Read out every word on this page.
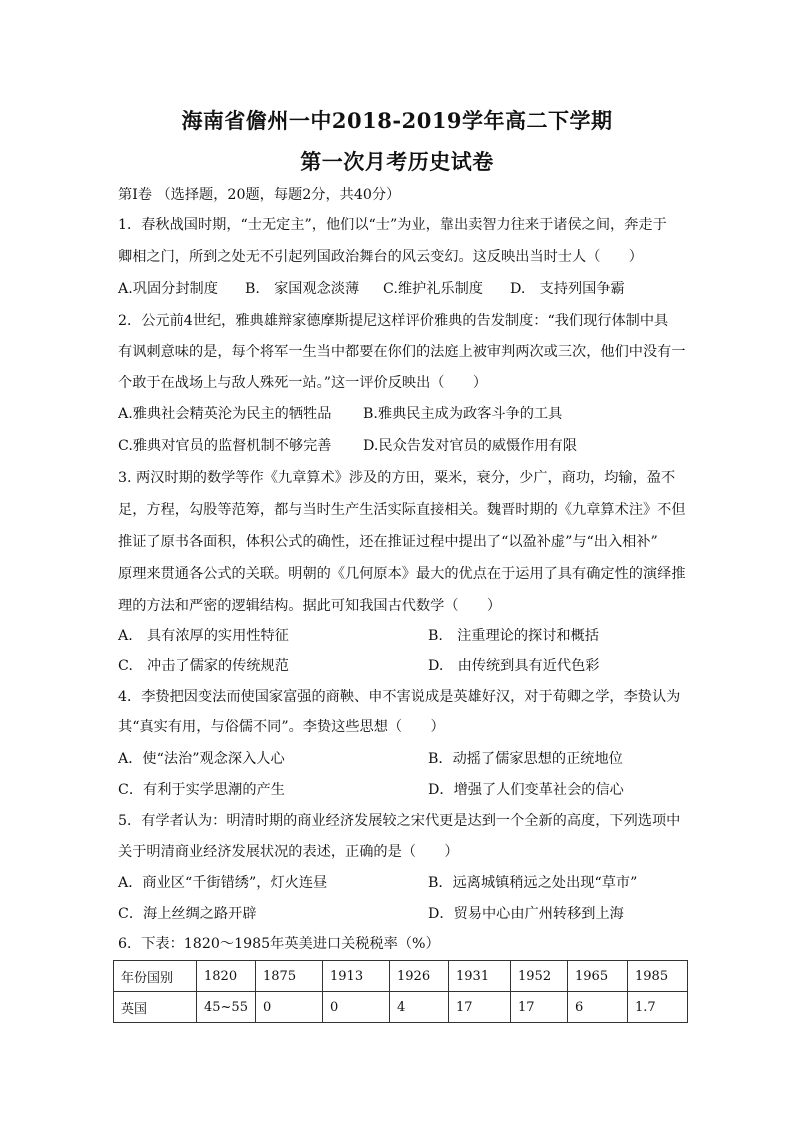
海南省儋州一中2018-2019学年高二下学期
第一次月考历史试卷
第Ⅰ卷 （选择题，20题，每题2分，共40分）
1．春秋战国时期，“士无定主”，他们以“士”为业，靠出卖智力往来于诸侯之间，奔走于
卿相之门，所到之处无不引起列国政治舞台的风云变幻。这反映出当时士人（　　）
A.巩固分封制度 B.　家国观念淡薄 C.维护礼乐制度 D.　支持列国争霸
2．公元前4世纪，雅典雄辩家德摩斯提尼这样评价雅典的告发制度：“我们现行体制中具
有讽刺意味的是，每个将军一生当中都要在你们的法庭上被审判两次或三次，他们中没有一
个敢于在战场上与敌人殊死一站。”这一评价反映出（　　）
A.雅典社会精英沦为民主的牺牲品 B.雅典民主成为政客斗争的工具
C.雅典对官员的监督机制不够完善 D.民众告发对官员的威慑作用有限
3. 两汉时期的数学等作《九章算术》涉及的方田，粟米，衰分，少广，商功，均输，盈不
足，方程，勾股等范筹，都与当时生产生活实际直接相关。魏晋时期的《九章算术注》不但
推证了原书各面积，体积公式的确性，还在推证过程中提出了“以盈补虚”与“出入相补”
原理来贯通各公式的关联。明朝的《几何原本》最大的优点在于运用了具有确定性的演绎推
理的方法和严密的逻辑结构。据此可知我国古代数学（　　）
A.　具有浓厚的实用性特征	B.　注重理论的探讨和概括
C.　冲击了儒家的传统规范	D.　由传统到具有近代色彩
4．李贽把因变法而使国家富强的商鞅、申不害说成是英雄好汉，对于荀卿之学，李贽认为
其“真实有用，与俗儒不同”。李贽这些思想（　　）
A．使“法治”观念深入人心	B．动摇了儒家思想的正统地位
C．有利于实学思潮的产生	D．增强了人们变革社会的信心
5．有学者认为：明清时期的商业经济发展较之宋代更是达到一个全新的高度，下列选项中
关于明清商业经济发展状况的表述，正确的是（　　）
A．商业区“千街错绣”，灯火连昼	B．远离城镇稍远之处出现“草市”
C．海上丝绸之路开辟	D．贸易中心由广州转移到上海
6．下表：1820～1985年英美进口关税税率（%）
年份国别	1820	1875	1913	1926	1931	1952	1965	1985
英国	45~55	0	0	4	17	17	6	1.7
